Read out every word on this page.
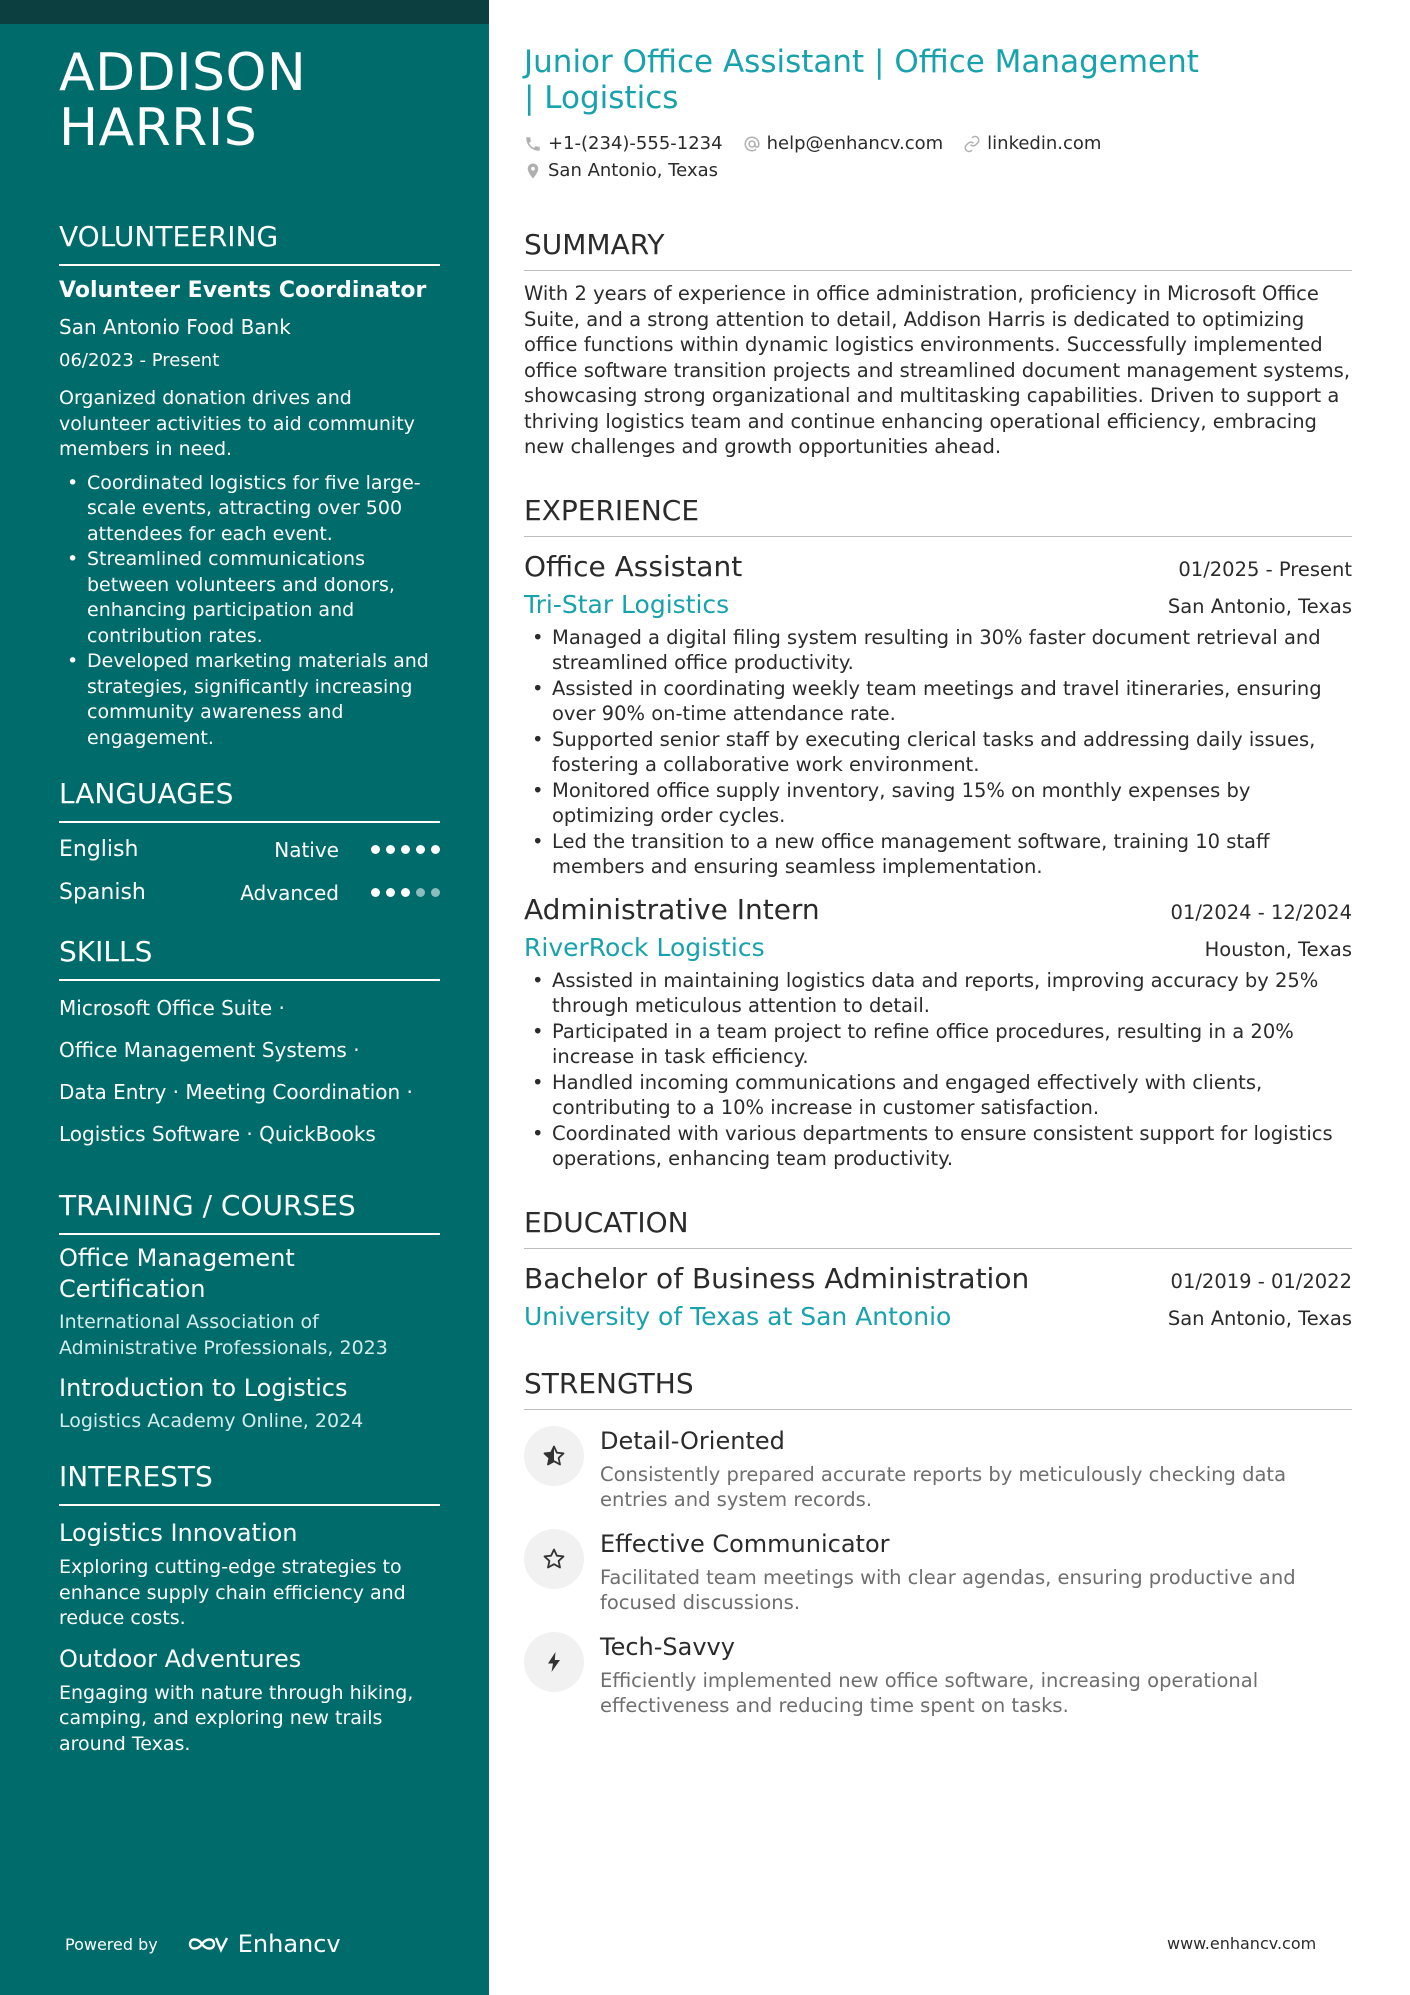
ADDISON HARRIS
VOLUNTEERING
Volunteer Events Coordinator
San Antonio Food Bank
06/2023 - Present
Organized donation drives and volunteer activities to aid community members in need.
• Coordinated logistics for five large-scale events, attracting over 500 attendees for each event.
• Streamlined communications between volunteers and donors, enhancing participation and contribution rates.
• Developed marketing materials and strategies, significantly increasing community awareness and engagement.
LANGUAGES
English	Native
Spanish	Advanced
SKILLS
Microsoft Office Suite ·
Office Management Systems ·
Data Entry · Meeting Coordination ·
Logistics Software · QuickBooks
TRAINING / COURSES
Office Management Certification
International Association of Administrative Professionals, 2023
Introduction to Logistics
Logistics Academy Online, 2024
INTERESTS
Logistics Innovation
Exploring cutting-edge strategies to enhance supply chain efficiency and reduce costs.
Outdoor Adventures
Engaging with nature through hiking, camping, and exploring new trails around Texas.
Powered by	Enhancv
Junior Office Assistant | Office Management | Logistics
+1-(234)-555-1234 help@enhancv.com linkedin.com
San Antonio, Texas
SUMMARY
With 2 years of experience in office administration, proficiency in Microsoft Office Suite, and a strong attention to detail, Addison Harris is dedicated to optimizing office functions within dynamic logistics environments. Successfully implemented office software transition projects and streamlined document management systems, showcasing strong organizational and multitasking capabilities. Driven to support a thriving logistics team and continue enhancing operational efficiency, embracing new challenges and growth opportunities ahead.
EXPERIENCE
Office Assistant	01/2025 - Present
Tri-Star Logistics	San Antonio, Texas
• Managed a digital filing system resulting in 30% faster document retrieval and streamlined office productivity.
• Assisted in coordinating weekly team meetings and travel itineraries, ensuring over 90% on-time attendance rate.
• Supported senior staff by executing clerical tasks and addressing daily issues, fostering a collaborative work environment.
• Monitored office supply inventory, saving 15% on monthly expenses by optimizing order cycles.
• Led the transition to a new office management software, training 10 staff members and ensuring seamless implementation.
Administrative Intern	01/2024 - 12/2024
RiverRock Logistics	Houston, Texas
• Assisted in maintaining logistics data and reports, improving accuracy by 25% through meticulous attention to detail.
• Participated in a team project to refine office procedures, resulting in a 20% increase in task efficiency.
• Handled incoming communications and engaged effectively with clients, contributing to a 10% increase in customer satisfaction.
• Coordinated with various departments to ensure consistent support for logistics operations, enhancing team productivity.
EDUCATION
Bachelor of Business Administration	01/2019 - 01/2022
University of Texas at San Antonio	San Antonio, Texas
STRENGTHS
Detail-Oriented
Consistently prepared accurate reports by meticulously checking data entries and system records.
Effective Communicator
Facilitated team meetings with clear agendas, ensuring productive and focused discussions.
Tech-Savvy
Efficiently implemented new office software, increasing operational effectiveness and reducing time spent on tasks.
www.enhancv.com
